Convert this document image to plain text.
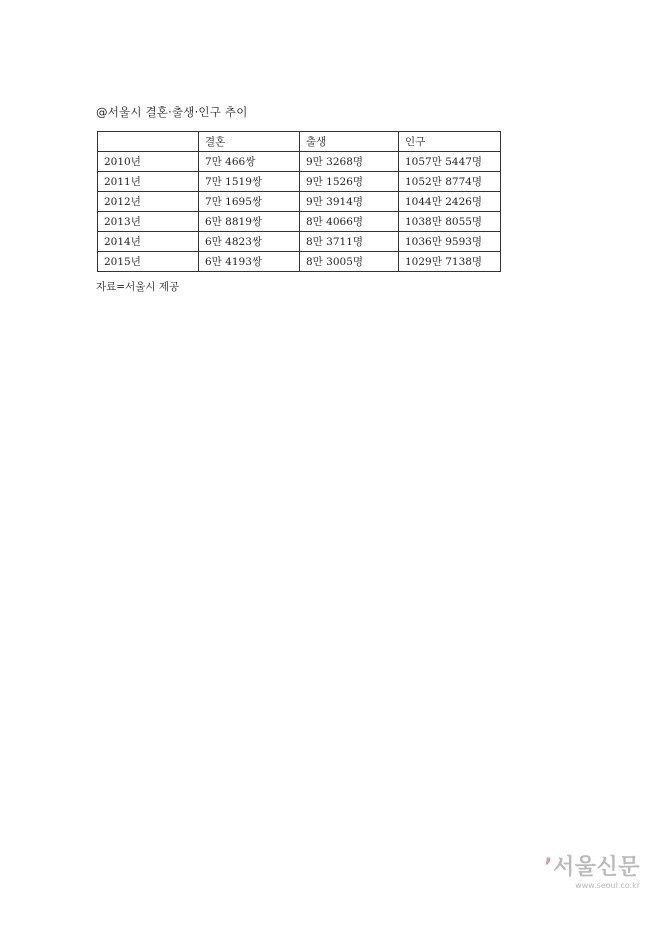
@서울시 결혼·출생·인구 추이
	결혼	출생	인구
2010년	7만 466쌍	9만 3268명	1057만 5447명
2011년	7만 1519쌍	9만 1526명	1052만 8774명
2012년	7만 1695쌍	9만 3914명	1044만 2426명
2013년	6만 8819쌍	8만 4066명	1038만 8055명
2014년	6만 4823쌍	8만 3711명	1036만 9593명
2015년	6만 4193쌍	8만 3005명	1029만 7138명
자료=서울시 제공
’서울신문
www.seoul.co.kr
